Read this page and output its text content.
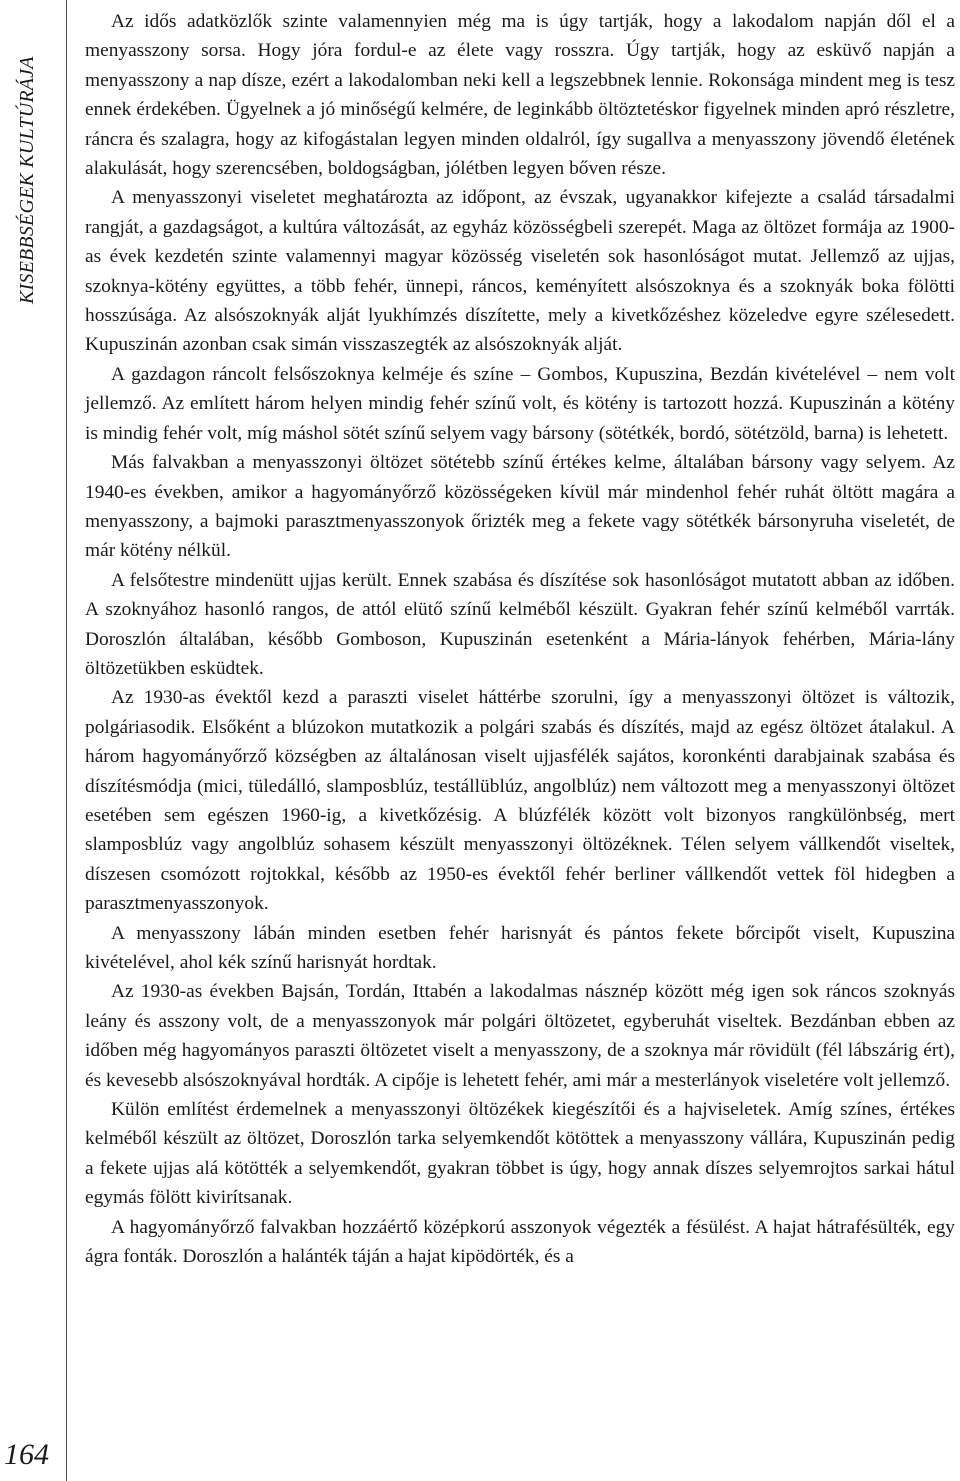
KISEBBSÉGEK KULTÚRÁJA
164

Az idős adatközlők szinte valamennyien még ma is úgy tartják, hogy a lakodalom napján dől el a menyasszony sorsa. Hogy jóra fordul-e az élete vagy rosszra. Úgy tartják, hogy az esküvő napján a menyasszony a nap dísze, ezért a lakodalomban neki kell a legszebbnek lennie. Rokonsága mindent meg is tesz ennek érdekében. Ügyelnek a jó minőségű kelmére, de leginkább öltöztetéskor figyelnek minden apró részletre, ráncra és szalagra, hogy az kifogástalan legyen minden oldalról, így sugallva a menyasszony jövendő életének alakulását, hogy szerencsében, boldogságban, jólétben legyen bőven része.

A menyasszonyi viseletet meghatározta az időpont, az évszak, ugyanakkor kifejezte a család társadalmi rangját, a gazdagságot, a kultúra változását, az egyház közösségbeli szerepét. Maga az öltözet formája az 1900-as évek kezdetén szinte valamennyi magyar közösség viseletén sok hasonlóságot mutat. Jellemző az ujjas, szoknya-kötény együttes, a több fehér, ünnepi, ráncos, keményített alsószoknya és a szoknyák boka fölötti hosszúsága. Az alsószoknyák alját lyukhímzés díszítette, mely a kivetkőzéshez közeledve egyre szélesedett. Kupuszinán azonban csak simán visszaszegték az alsószoknyák alját.

A gazdagon ráncolt felsőszoknya kelméje és színe – Gombos, Kupuszina, Bezdán kivételével – nem volt jellemző. Az említett három helyen mindig fehér színű volt, és kötény is tartozott hozzá. Kupuszinán a kötény is mindig fehér volt, míg máshol sötét színű selyem vagy bársony (sötétkék, bordó, sötétzöld, barna) is lehetett.

Más falvakban a menyasszonyi öltözet sötétebb színű értékes kelme, általában bársony vagy selyem. Az 1940-es években, amikor a hagyományőrző közösségeken kívül már mindenhol fehér ruhát öltött magára a menyasszony, a bajmoki parasztmenyasszonyok őrizték meg a fekete vagy sötétkék bársonyruha viseletét, de már kötény nélkül.

A felsőtestre mindenütt ujjas került. Ennek szabása és díszítése sok hasonlóságot mutatott abban az időben. A szoknyához hasonló rangos, de attól elütő színű kelméből készült. Gyakran fehér színű kelméből varrták. Doroszlón általában, később Gomboson, Kupuszinán esetenként a Mária-lányok fehérben, Mária-lány öltözetükben esküdtek.

Az 1930-as évektől kezd a paraszti viselet háttérbe szorulni, így a menyasszonyi öltözet is változik, polgáriasodik. Elsőként a blúzokon mutatkozik a polgári szabás és díszítés, majd az egész öltözet átalakul. A három hagyományőrző községben az általánosan viselt ujjasfélék sajátos, koronkénti darabjainak szabása és díszítésmódja (mici, tüledálló, slamposblúz, testállüblúz, angolblúz) nem változott meg a menyasszonyi öltözet esetében sem egészen 1960-ig, a kivetkőzésig. A blúzfélék között volt bizonyos rangkülönbség, mert slamposblúz vagy angolblúz sohasem készült menyasszonyi öltözéknek. Télen selyem vállkendőt viseltek, díszesen csomózott rojtokkal, később az 1950-es évektől fehér berliner vállkendőt vettek föl hidegben a parasztmenyasszonyok.

A menyasszony lábán minden esetben fehér harisnyát és pántos fekete bőrcipőt viselt, Kupuszina kivételével, ahol kék színű harisnyát hordtak.

Az 1930-as években Bajsán, Tordán, Ittabén a lakodalmas násznép között még igen sok ráncos szoknyás leány és asszony volt, de a menyasszonyok már polgári öltözetet, egyberuhát viseltek. Bezdánban ebben az időben még hagyományos paraszti öltözetet viselt a menyasszony, de a szoknya már rövidült (fél lábszárig ért), és kevesebb alsószoknyával hordták. A cipője is lehetett fehér, ami már a mesterlányok viseletére volt jellemző.

Külön említést érdemelnek a menyasszonyi öltözékek kiegészítői és a hajviseletek. Amíg színes, értékes kelméből készült az öltözet, Doroszlón tarka selyemkendőt kötöttek a menyasszony vállára, Kupuszinán pedig a fekete ujjas alá kötötték a selyemkendőt, gyakran többet is úgy, hogy annak díszes selyemrojtos sarkai hátul egymás fölött kivirítsanak.

A hagyományőrző falvakban hozzáértő középkorú asszonyok végezték a fésülést. A hajat hátrafésülték, egy ágra fonták. Doroszlón a halánték táján a hajat kipödörték, és a
